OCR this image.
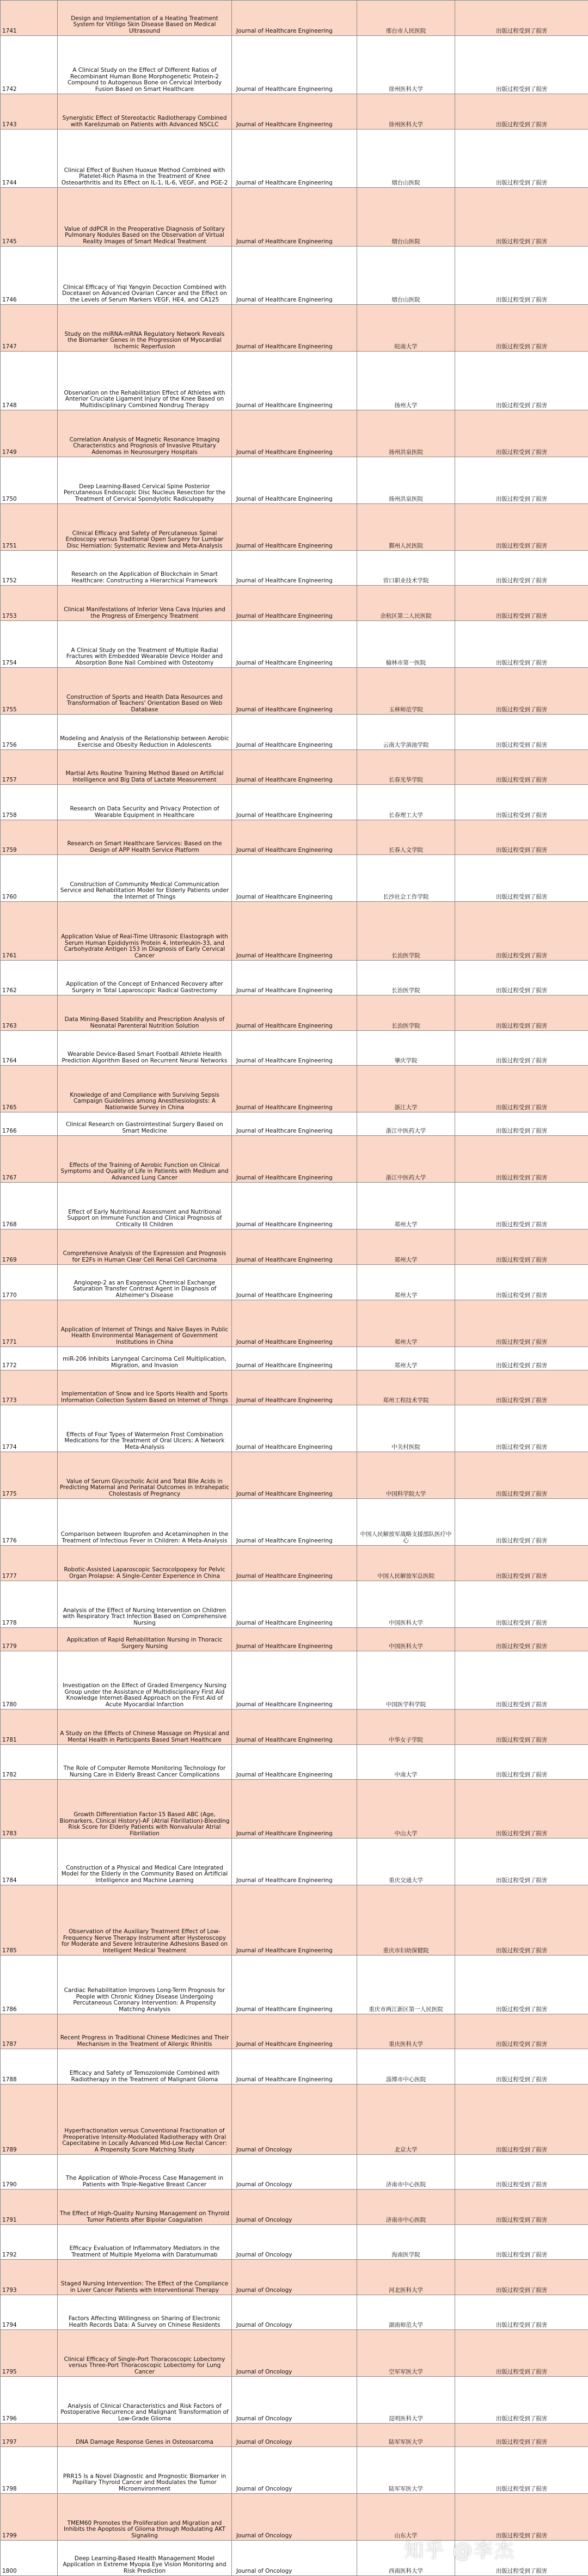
1741	Design and Implementation of a Heating Treatment System for Vitiligo Skin Disease Based on Medical Ultrasound	Journal of Healthcare Engineering	邢台市人民医院	出版过程受到了损害
1742	A Clinical Study on the Effect of Different Ratios of Recombinant Human Bone Morphogenetic Protein-2 Compound to Autogenous Bone on Cervical Interbody Fusion Based on Smart Healthcare	Journal of Healthcare Engineering	徐州医科大学	出版过程受到了损害
1743	Synergistic Effect of Stereotactic Radiotherapy Combined with Karelizumab on Patients with Advanced NSCLC	Journal of Healthcare Engineering	徐州医科大学	出版过程受到了损害
1744	Clinical Effect of Bushen Huoxue Method Combined with Platelet-Rich Plasma in the Treatment of Knee Osteoarthritis and Its Effect on IL-1, IL-6, VEGF, and PGE-2	Journal of Healthcare Engineering	烟台山医院	出版过程受到了损害
1745	Value of ddPCR in the Preoperative Diagnosis of Solitary Pulmonary Nodules Based on the Observation of Virtual Reality Images of Smart Medical Treatment	Journal of Healthcare Engineering	烟台山医院	出版过程受到了损害
1746	Clinical Efficacy of Yiqi Yangyin Decoction Combined with Docetaxel on Advanced Ovarian Cancer and the Effect on the Levels of Serum Markers VEGF, HE4, and CA125	Journal of Healthcare Engineering	烟台山医院	出版过程受到了损害
1747	Study on the miRNA-mRNA Regulatory Network Reveals the Biomarker Genes in the Progression of Myocardial Ischemic Reperfusion	Journal of Healthcare Engineering	皖南大学	出版过程受到了损害
1748	Observation on the Rehabilitation Effect of Athletes with Anterior Cruciate Ligament Injury of the Knee Based on Multidisciplinary Combined Nondrug Therapy	Journal of Healthcare Engineering	扬州大学	出版过程受到了损害
1749	Correlation Analysis of Magnetic Resonance Imaging Characteristics and Prognosis of Invasive Pituitary Adenomas in Neurosurgery Hospitals	Journal of Healthcare Engineering	扬州洪泉医院	出版过程受到了损害
1750	Deep Learning-Based Cervical Spine Posterior Percutaneous Endoscopic Disc Nucleus Resection for the Treatment of Cervical Spondylotic Radiculopathy	Journal of Healthcare Engineering	扬州洪泉医院	出版过程受到了损害
1751	Clinical Efficacy and Safety of Percutaneous Spinal Endoscopy versus Traditional Open Surgery for Lumbar Disc Herniation: Systematic Review and Meta-Analysis	Journal of Healthcare Engineering	鄞州人民医院	出版过程受到了损害
1752	Research on the Application of Blockchain in Smart Healthcare: Constructing a Hierarchical Framework	Journal of Healthcare Engineering	营口职业技术学院	出版过程受到了损害
1753	Clinical Manifestations of Inferior Vena Cava Injuries and the Progress of Emergency Treatment	Journal of Healthcare Engineering	余杭区第二人民医院	出版过程受到了损害
1754	A Clinical Study on the Treatment of Multiple Radial Fractures with Embedded Wearable Device Holder and Absorption Bone Nail Combined with Osteotomy	Journal of Healthcare Engineering	榆林市第一医院	出版过程受到了损害
1755	Construction of Sports and Health Data Resources and Transformation of Teachers' Orientation Based on Web Database	Journal of Healthcare Engineering	玉林师范学院	出版过程受到了损害
1756	Modeling and Analysis of the Relationship between Aerobic Exercise and Obesity Reduction in Adolescents	Journal of Healthcare Engineering	云南大学滇池学院	出版过程受到了损害
1757	Martial Arts Routine Training Method Based on Artificial Intelligence and Big Data of Lactate Measurement	Journal of Healthcare Engineering	长春光华学院	出版过程受到了损害
1758	Research on Data Security and Privacy Protection of Wearable Equipment in Healthcare	Journal of Healthcare Engineering	长春理工大学	出版过程受到了损害
1759	Research on Smart Healthcare Services: Based on the Design of APP Health Service Platform	Journal of Healthcare Engineering	长春人文学院	出版过程受到了损害
1760	Construction of Community Medical Communication Service and Rehabilitation Model for Elderly Patients under the Internet of Things	Journal of Healthcare Engineering	长沙社会工作学院	出版过程受到了损害
1761	Application Value of Real-Time Ultrasonic Elastograph with Serum Human Epididymis Protein 4, Interleukin-33, and Carbohydrate Antigen 153 in Diagnosis of Early Cervical Cancer	Journal of Healthcare Engineering	长治医学院	出版过程受到了损害
1762	Application of the Concept of Enhanced Recovery after Surgery in Total Laparoscopic Radical Gastrectomy	Journal of Healthcare Engineering	长治医学院	出版过程受到了损害
1763	Data Mining-Based Stability and Prescription Analysis of Neonatal Parenteral Nutrition Solution	Journal of Healthcare Engineering	长治医学院	出版过程受到了损害
1764	Wearable Device-Based Smart Football Athlete Health Prediction Algorithm Based on Recurrent Neural Networks	Journal of Healthcare Engineering	肇庆学院	出版过程受到了损害
1765	Knowledge of and Compliance with Surviving Sepsis Campaign Guidelines among Anesthesiologists: A Nationwide Survey in China	Journal of Healthcare Engineering	浙江大学	出版过程受到了损害
1766	Clinical Research on Gastrointestinal Surgery Based on Smart Medicine	Journal of Healthcare Engineering	浙江中医药大学	出版过程受到了损害
1767	Effects of the Training of Aerobic Function on Clinical Symptoms and Quality of Life in Patients with Medium and Advanced Lung Cancer	Journal of Healthcare Engineering	浙江中医药大学	出版过程受到了损害
1768	Effect of Early Nutritional Assessment and Nutritional Support on Immune Function and Clinical Prognosis of Critically Ill Children	Journal of Healthcare Engineering	郑州大学	出版过程受到了损害
1769	Comprehensive Analysis of the Expression and Prognosis for E2Fs in Human Clear Cell Renal Cell Carcinoma	Journal of Healthcare Engineering	郑州大学	出版过程受到了损害
1770	Angiopep-2 as an Exogenous Chemical Exchange Saturation Transfer Contrast Agent in Diagnosis of Alzheimer's Disease	Journal of Healthcare Engineering	郑州大学	出版过程受到了损害
1771	Application of Internet of Things and Naive Bayes in Public Health Environmental Management of Government Institutions in China	Journal of Healthcare Engineering	郑州大学	出版过程受到了损害
1772	miR-206 Inhibits Laryngeal Carcinoma Cell Multiplication, Migration, and Invasion	Journal of Healthcare Engineering	郑州大学	出版过程受到了损害
1773	Implementation of Snow and Ice Sports Health and Sports Information Collection System Based on Internet of Things	Journal of Healthcare Engineering	郑州工程技术学院	出版过程受到了损害
1774	Effects of Four Types of Watermelon Frost Combination Medications for the Treatment of Oral Ulcers: A Network Meta-Analysis	Journal of Healthcare Engineering	中关村医院	出版过程受到了损害
1775	Value of Serum Glycocholic Acid and Total Bile Acids in Predicting Maternal and Perinatal Outcomes in Intrahepatic Cholestasis of Pregnancy	Journal of Healthcare Engineering	中国科学院大学	出版过程受到了损害
1776	Comparison between Ibuprofen and Acetaminophen in the Treatment of Infectious Fever in Children: A Meta-Analysis	Journal of Healthcare Engineering	中国人民解放军战略支援部队医疗中心	出版过程受到了损害
1777	Robotic-Assisted Laparoscopic Sacrocolpopexy for Pelvic Organ Prolapse: A Single-Center Experience in China	Journal of Healthcare Engineering	中国人民解放军总医院	出版过程受到了损害
1778	Analysis of the Effect of Nursing Intervention on Children with Respiratory Tract Infection Based on Comprehensive Nursing	Journal of Healthcare Engineering	中国医科大学	出版过程受到了损害
1779	Application of Rapid Rehabilitation Nursing in Thoracic Surgery Nursing	Journal of Healthcare Engineering	中国医科大学	出版过程受到了损害
1780	Investigation on the Effect of Graded Emergency Nursing Group under the Assistance of Multidisciplinary First Aid Knowledge Internet-Based Approach on the First Aid of Acute Myocardial Infarction	Journal of Healthcare Engineering	中国医学科学院	出版过程受到了损害
1781	A Study on the Effects of Chinese Massage on Physical and Mental Health in Participants Based Smart Healthcare	Journal of Healthcare Engineering	中华女子学院	出版过程受到了损害
1782	The Role of Computer Remote Monitoring Technology for Nursing Care in Elderly Breast Cancer Complications	Journal of Healthcare Engineering	中南大学	出版过程受到了损害
1783	Growth Differentiation Factor-15 Based ABC (Age, Biomarkers, Clinical History)-AF (Atrial Fibrillation)-Bleeding Risk Score for Elderly Patients with Nonvalvular Atrial Fibrillation	Journal of Healthcare Engineering	中山大学	出版过程受到了损害
1784	Construction of a Physical and Medical Care Integrated Model for the Elderly in the Community Based on Artificial Intelligence and Machine Learning	Journal of Healthcare Engineering	重庆交通大学	出版过程受到了损害
1785	Observation of the Auxiliary Treatment Effect of Low-Frequency Nerve Therapy Instrument after Hysteroscopy for Moderate and Severe Intrauterine Adhesions Based on Intelligent Medical Treatment	Journal of Healthcare Engineering	重庆市妇幼保健院	出版过程受到了损害
1786	Cardiac Rehabilitation Improves Long-Term Prognosis for People with Chronic Kidney Disease Undergoing Percutaneous Coronary Intervention: A Propensity Matching Analysis	Journal of Healthcare Engineering	重庆市两江新区第一人民医院	出版过程受到了损害
1787	Recent Progress in Traditional Chinese Medicines and Their Mechanism in the Treatment of Allergic Rhinitis	Journal of Healthcare Engineering	重庆医科大学	出版过程受到了损害
1788	Efficacy and Safety of Temozolomide Combined with Radiotherapy in the Treatment of Malignant Glioma	Journal of Healthcare Engineering	淄博市中心医院	出版过程受到了损害
1789	Hyperfractionation versus Conventional Fractionation of Preoperative Intensity-Modulated Radiotherapy with Oral Capecitabine in Locally Advanced Mid-Low Rectal Cancer: A Propensity Score Matching Study	Journal of Oncology	北京大学	出版过程受到了损害
1790	The Application of Whole-Process Case Management in Patients with Triple-Negative Breast Cancer	Journal of Oncology	济南市中心医院	出版过程受到了损害
1791	The Effect of High-Quality Nursing Management on Thyroid Tumor Patients after Bipolar Coagulation	Journal of Oncology	济南市中心医院	出版过程受到了损害
1792	Efficacy Evaluation of Inflammatory Mediators in the Treatment of Multiple Myeloma with Daratumumab	Journal of Oncology	海南医学院	出版过程受到了损害
1793	Staged Nursing Intervention: The Effect of the Compliance in Liver Cancer Patients with Interventional Therapy	Journal of Oncology	河北医科大学	出版过程受到了损害
1794	Factors Affecting Willingness on Sharing of Electronic Health Records Data: A Survey on Chinese Residents	Journal of Oncology	湖南师范大学	出版过程受到了损害
1795	Clinical Efficacy of Single-Port Thoracoscopic Lobectomy versus Three-Port Thoracoscopic Lobectomy for Lung Cancer	Journal of Oncology	空军军医大学	出版过程受到了损害
1796	Analysis of Clinical Characteristics and Risk Factors of Postoperative Recurrence and Malignant Transformation of Low-Grade Glioma	Journal of Oncology	昆明医科大学	出版过程受到了损害
1797	DNA Damage Response Genes in Osteosarcoma	Journal of Oncology	陆军军医大学	出版过程受到了损害
1798	PRR15 Is a Novel Diagnostic and Prognostic Biomarker in Papillary Thyroid Cancer and Modulates the Tumor Microenvironment	Journal of Oncology	陆军军医大学	出版过程受到了损害
1799	TMEM60 Promotes the Proliferation and Migration and Inhibits the Apoptosis of Glioma through Modulating AKT Signaling	Journal of Oncology	山东大学	出版过程受到了损害
1800	Deep Learning-Based Health Management Model Application in Extreme Myopia Eye Vision Monitoring and Risk Prediction	Journal of Oncology	西南医科大学	出版过程受到了损害
知乎 @李杰
